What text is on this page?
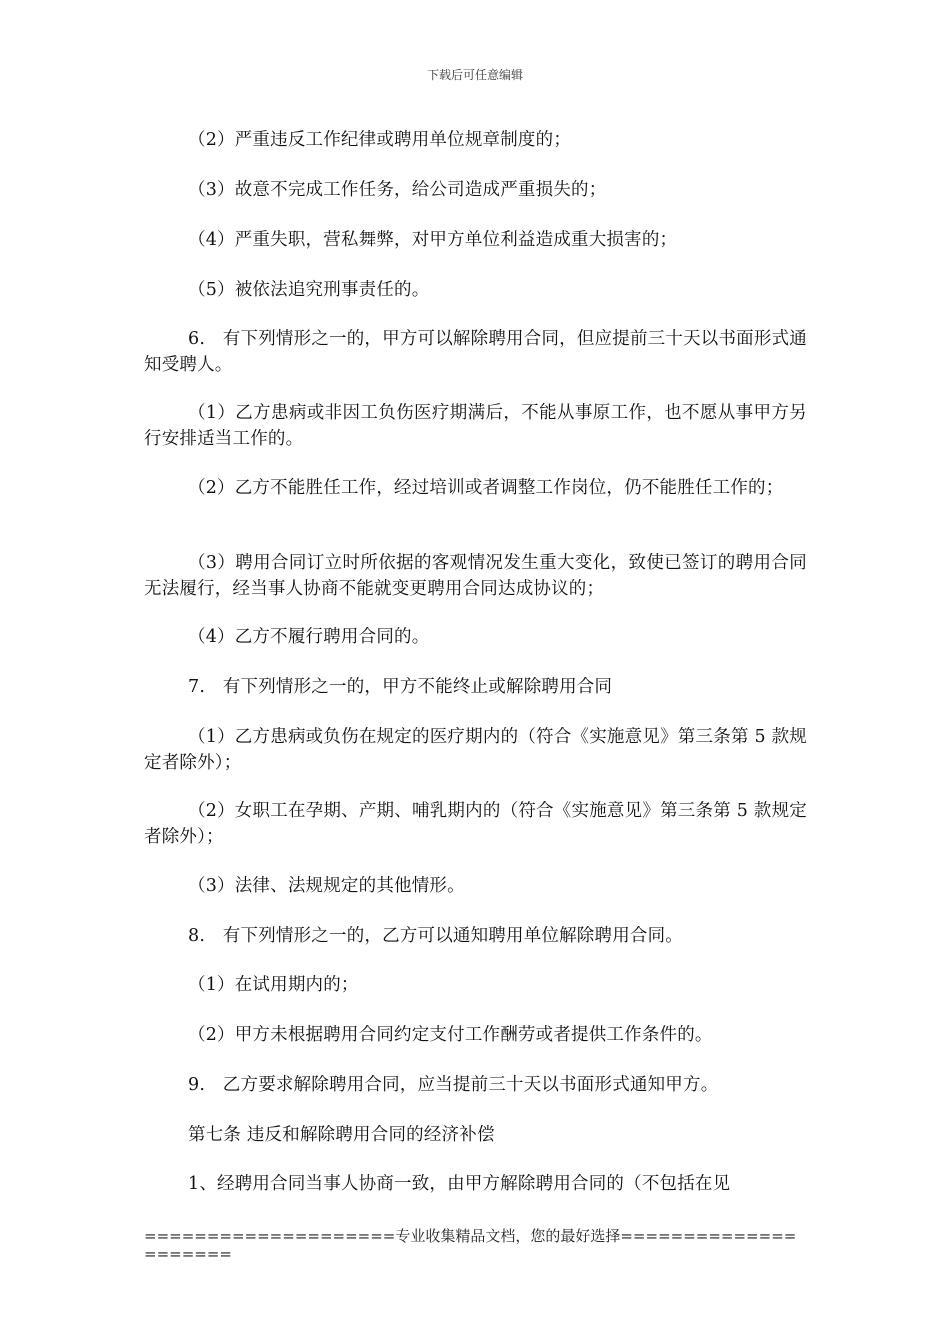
下载后可任意编辑

（2）严重违反工作纪律或聘用单位规章制度的；

（3）故意不完成工作任务，给公司造成严重损失的；

（4）严重失职，营私舞弊，对甲方单位利益造成重大损害的；

（5）被依法追究刑事责任的。

6.　有下列情形之一的，甲方可以解除聘用合同，但应提前三十天以书面形式通知受聘人。

（1）乙方患病或非因工负伤医疗期满后，不能从事原工作，也不愿从事甲方另行安排适当工作的。

（2）乙方不能胜任工作，经过培训或者调整工作岗位，仍不能胜任工作的；

（3）聘用合同订立时所依据的客观情况发生重大变化，致使已签订的聘用合同无法履行，经当事人协商不能就变更聘用合同达成协议的；

（4）乙方不履行聘用合同的。

7.　有下列情形之一的，甲方不能终止或解除聘用合同

（1）乙方患病或负伤在规定的医疗期内的（符合《实施意见》第三条第 5 款规定者除外）；

（2）女职工在孕期、产期、哺乳期内的（符合《实施意见》第三条第 5 款规定者除外）；

（3）法律、法规规定的其他情形。

8.　有下列情形之一的，乙方可以通知聘用单位解除聘用合同。

（1）在试用期内的；

（2）甲方未根据聘用合同约定支付工作酬劳或者提供工作条件的。

9.　乙方要求解除聘用合同，应当提前三十天以书面形式通知甲方。

第七条 违反和解除聘用合同的经济补偿

1、经聘用合同当事人协商一致，由甲方解除聘用合同的（不包括在见

====================专业收集精品文档，您的最好选择=====================
